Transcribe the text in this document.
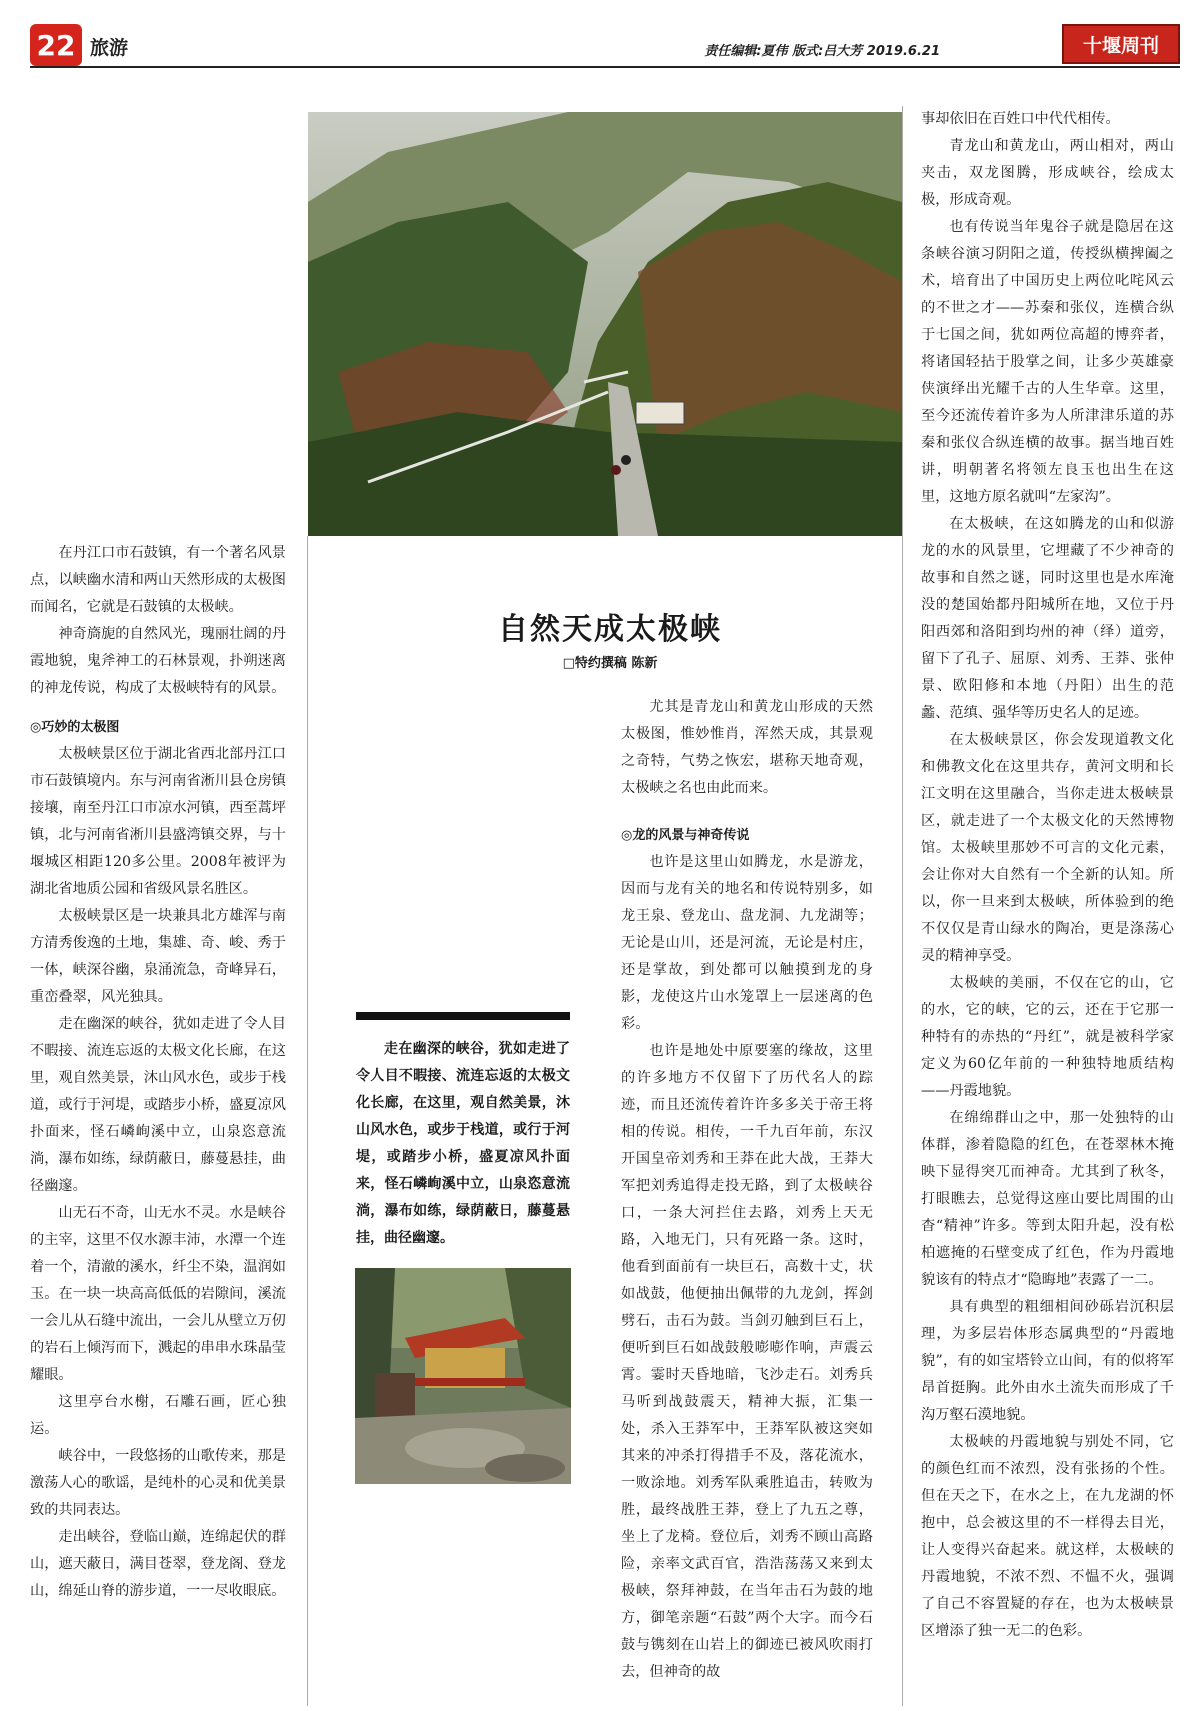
22 旅游	责任编辑:夏伟 版式:吕大芳 2019.6.21	十堰周刊

在丹江口市石鼓镇，有一个著名风景点，以峡幽水清和两山天然形成的太极图而闻名，它就是石鼓镇的太极峡。

神奇旖旎的自然风光，瑰丽壮阔的丹霞地貌，鬼斧神工的石林景观，扑朔迷离的神龙传说，构成了太极峡特有的风景。

◎巧妙的太极图

太极峡景区位于湖北省西北部丹江口市石鼓镇境内。东与河南省淅川县仓房镇接壤，南至丹江口市凉水河镇，西至蒿坪镇，北与河南省淅川县盛湾镇交界，与十堰城区相距120多公里。2008年被评为湖北省地质公园和省级风景名胜区。

太极峡景区是一块兼具北方雄浑与南方清秀俊逸的土地，集雄、奇、峻、秀于一体，峡深谷幽，泉涌流急，奇峰异石，重峦叠翠，风光独具。

走在幽深的峡谷，犹如走进了令人目不暇接、流连忘返的太极文化长廊，在这里，观自然美景，沐山风水色，或步于栈道，或行于河堤，或踏步小桥，盛夏凉风扑面来，怪石嶙峋溪中立，山泉恣意流淌，瀑布如练，绿荫蔽日，藤蔓悬挂，曲径幽邃。

山无石不奇，山无水不灵。水是峡谷的主宰，这里不仅水源丰沛，水潭一个连着一个，清澈的溪水，纤尘不染，温润如玉。在一块一块高高低低的岩隙间，溪流一会儿从石缝中流出，一会儿从壁立万仞的岩石上倾泻而下，溅起的串串水珠晶莹耀眼。

这里亭台水榭，石雕石画，匠心独运。

峡谷中，一段悠扬的山歌传来，那是激荡人心的歌谣，是纯朴的心灵和优美景致的共同表达。

走出峡谷，登临山巅，连绵起伏的群山，遮天蔽日，满目苍翠，登龙阁、登龙山，绵延山脊的游步道，一一尽收眼底。

自然天成太极峡
□特约撰稿 陈新
走在幽深的峡谷，犹如走进了令人目不暇接、流连忘返的太极文化长廊，在这里，观自然美景，沐山风水色，或步于栈道，或行于河堤，或踏步小桥，盛夏凉风扑面来，怪石嶙峋溪中立，山泉恣意流淌，瀑布如练，绿荫蔽日，藤蔓悬挂，曲径幽邃。

尤其是青龙山和黄龙山形成的天然太极图，惟妙惟肖，浑然天成，其景观之奇特，气势之恢宏，堪称天地奇观，太极峡之名也由此而来。

◎龙的风景与神奇传说

也许是这里山如腾龙，水是游龙，因而与龙有关的地名和传说特别多，如龙王泉、登龙山、盘龙洞、九龙湖等；无论是山川，还是河流，无论是村庄，还是掌故，到处都可以触摸到龙的身影，龙使这片山水笼罩上一层迷离的色彩。

也许是地处中原要塞的缘故，这里的许多地方不仅留下了历代名人的踪迹，而且还流传着许许多多关于帝王将相的传说。相传，一千九百年前，东汉开国皇帝刘秀和王莽在此大战，王莽大军把刘秀追得走投无路，到了太极峡谷口，一条大河拦住去路，刘秀上天无路，入地无门，只有死路一条。这时，他看到面前有一块巨石，高数十丈，状如战鼓，他便抽出佩带的九龙剑，挥剑劈石，击石为鼓。当剑刃触到巨石上，便听到巨石如战鼓般嘭嘭作响，声震云霄。霎时天昏地暗，飞沙走石。刘秀兵马听到战鼓震天，精神大振，汇集一处，杀入王莽军中，王莽军队被这突如其来的冲杀打得措手不及，落花流水，一败涂地。刘秀军队乘胜追击，转败为胜，最终战胜王莽，登上了九五之尊，坐上了龙椅。登位后，刘秀不顾山高路险，亲率文武百官，浩浩荡荡又来到太极峡，祭拜神鼓，在当年击石为鼓的地方，御笔亲题“石鼓”两个大字。而今石鼓与镌刻在山岩上的御迹已被风吹雨打去，但神奇的故

事却依旧在百姓口中代代相传。

青龙山和黄龙山，两山相对，两山夹击，双龙图腾，形成峡谷，绘成太极，形成奇观。

也有传说当年鬼谷子就是隐居在这条峡谷演习阴阳之道，传授纵横捭阖之术，培育出了中国历史上两位叱咤风云的不世之才——苏秦和张仪，连横合纵于七国之间，犹如两位高超的博弈者，将诸国轻拈于股掌之间，让多少英雄豪侠演绎出光耀千古的人生华章。这里，至今还流传着许多为人所津津乐道的苏秦和张仪合纵连横的故事。据当地百姓讲，明朝著名将领左良玉也出生在这里，这地方原名就叫“左家沟”。

在太极峡，在这如腾龙的山和似游龙的水的风景里，它埋藏了不少神奇的故事和自然之谜，同时这里也是水库淹没的楚国始都丹阳城所在地，又位于丹阳西郊和洛阳到均州的神（绎）道旁，留下了孔子、屈原、刘秀、王莽、张仲景、欧阳修和本地（丹阳）出生的范蠡、范缜、强华等历史名人的足迹。

在太极峡景区，你会发现道教文化和佛教文化在这里共存，黄河文明和长江文明在这里融合，当你走进太极峡景区，就走进了一个太极文化的天然博物馆。太极峡里那妙不可言的文化元素，会让你对大自然有一个全新的认知。所以，你一旦来到太极峡，所体验到的绝不仅仅是青山绿水的陶冶，更是涤荡心灵的精神享受。

太极峡的美丽，不仅在它的山，它的水，它的峡，它的云，还在于它那一种特有的赤热的“丹红”，就是被科学家定义为60亿年前的一种独特地质结构——丹霞地貌。

在绵绵群山之中，那一处独特的山体群，渗着隐隐的红色，在苍翠林木掩映下显得突兀而神奇。尤其到了秋冬，打眼瞧去，总觉得这座山要比周围的山杳“精神”许多。等到太阳升起，没有松柏遮掩的石壁变成了红色，作为丹霞地貌该有的特点才“隐晦地”表露了一二。

具有典型的粗细相间砂砾岩沉积层理，为多层岩体形态属典型的“丹霞地貌”，有的如宝塔铃立山间，有的似将军昂首挺胸。此外由水土流失而形成了千沟万壑石漠地貌。

太极峡的丹霞地貌与别处不同，它的颜色红而不浓烈，没有张扬的个性。但在天之下，在水之上，在九龙湖的怀抱中，总会被这里的不一样得去目光，让人变得兴奋起来。就这样，太极峡的丹霞地貌，不浓不烈、不愠不火，强调了自己不容置疑的存在，也为太极峡景区增添了独一无二的色彩。
